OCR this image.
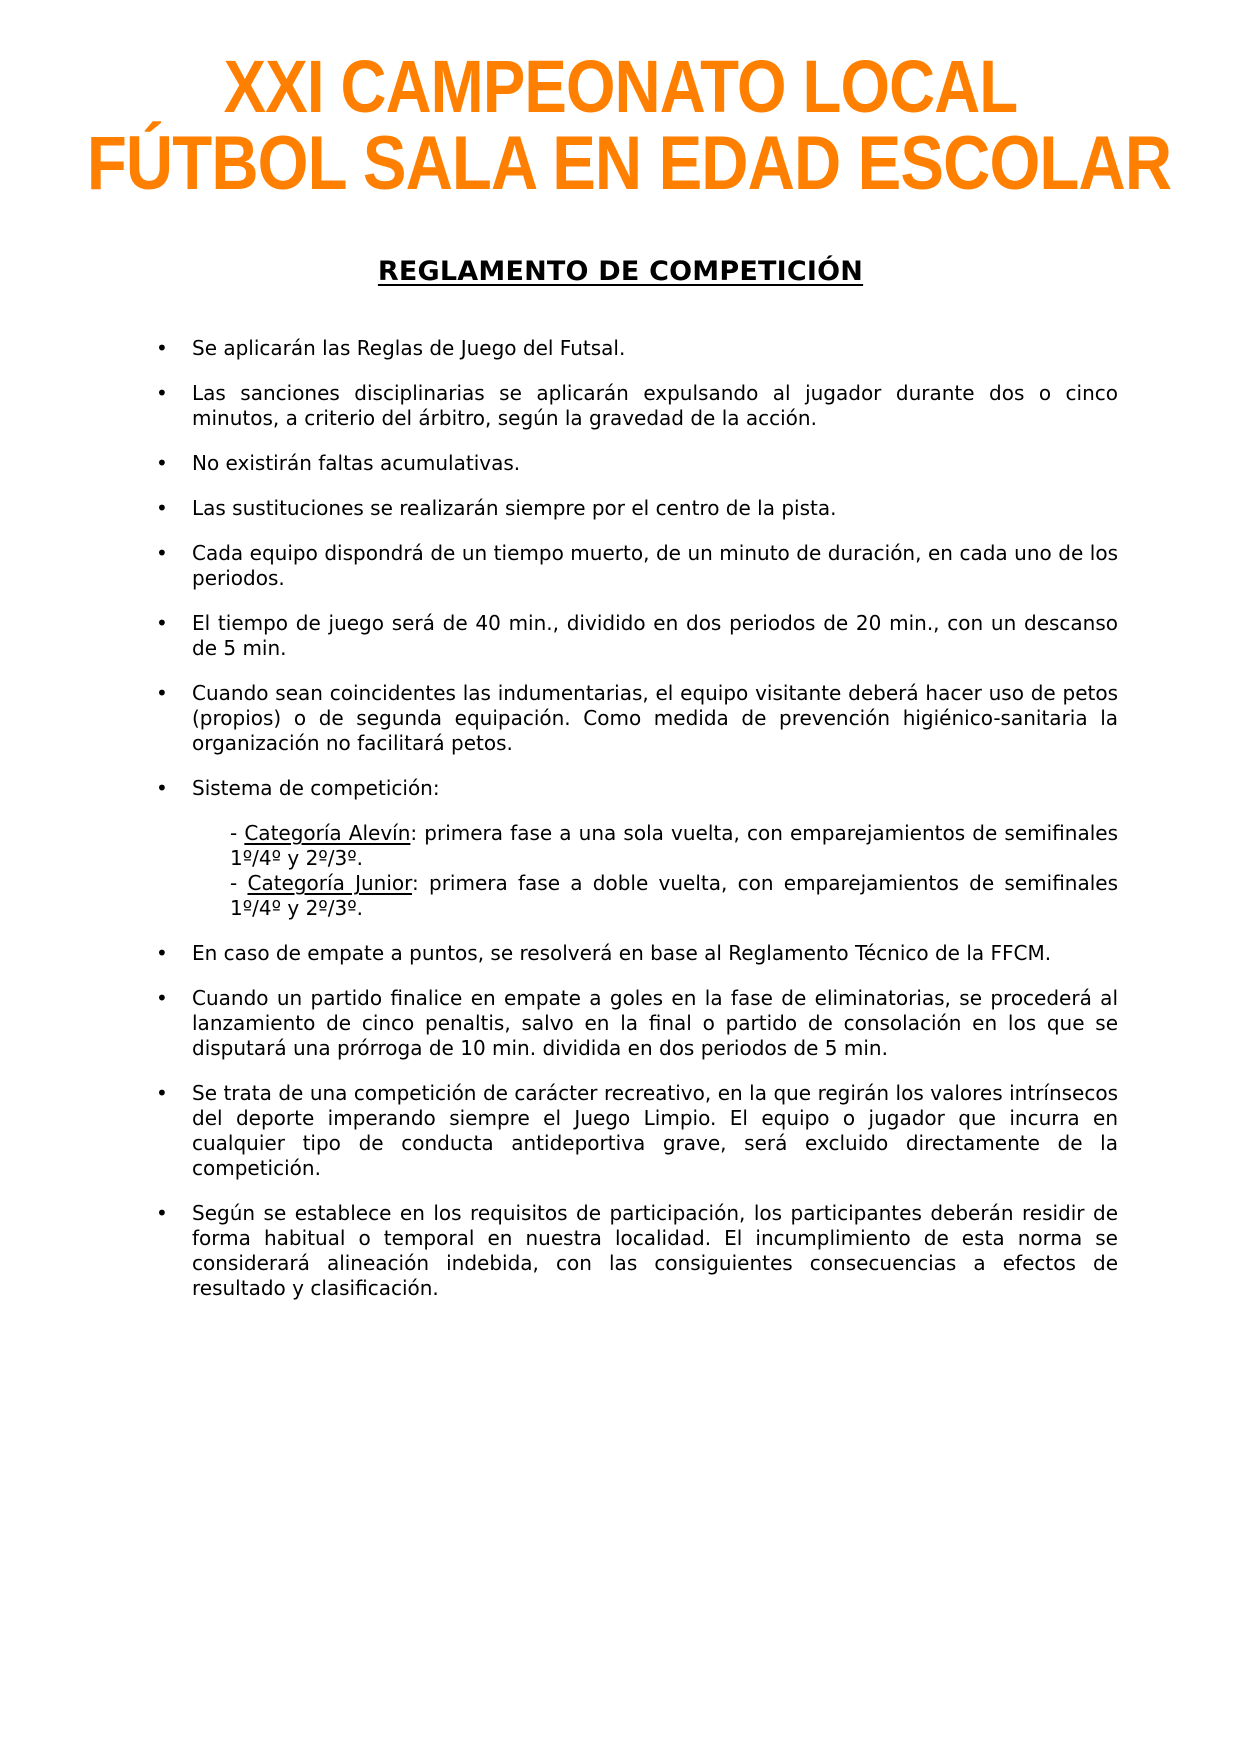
XXI CAMPEONATO LOCAL
FÚTBOL SALA EN EDAD ESCOLAR
REGLAMENTO DE COMPETICIÓN
• Se aplicarán las Reglas de Juego del Futsal.
• Las sanciones disciplinarias se aplicarán expulsando al jugador durante dos o cinco minutos, a criterio del árbitro, según la gravedad de la acción.
• No existirán faltas acumulativas.
• Las sustituciones se realizarán siempre por el centro de la pista.
• Cada equipo dispondrá de un tiempo muerto, de un minuto de duración, en cada uno de los periodos.
• El tiempo de juego será de 40 min., dividido en dos periodos de 20 min., con un descanso de 5 min.
• Cuando sean coincidentes las indumentarias, el equipo visitante deberá hacer uso de petos (propios) o de segunda equipación. Como medida de prevención higiénico-sanitaria la organización no facilitará petos.
• Sistema de competición:
- Categoría Alevín: primera fase a una sola vuelta, con emparejamientos de semifinales 1º/4º y 2º/3º.
- Categoría Junior: primera fase a doble vuelta, con emparejamientos de semifinales 1º/4º y 2º/3º.
• En caso de empate a puntos, se resolverá en base al Reglamento Técnico de la FFCM.
• Cuando un partido finalice en empate a goles en la fase de eliminatorias, se procederá al lanzamiento de cinco penaltis, salvo en la final o partido de consolación en los que se disputará una prórroga de 10 min. dividida en dos periodos de 5 min.
• Se trata de una competición de carácter recreativo, en la que regirán los valores intrínsecos del deporte imperando siempre el Juego Limpio. El equipo o jugador que incurra en cualquier tipo de conducta antideportiva grave, será excluido directamente de la competición.
• Según se establece en los requisitos de participación, los participantes deberán residir de forma habitual o temporal en nuestra localidad. El incumplimiento de esta norma se considerará alineación indebida, con las consiguientes consecuencias a efectos de resultado y clasificación.
